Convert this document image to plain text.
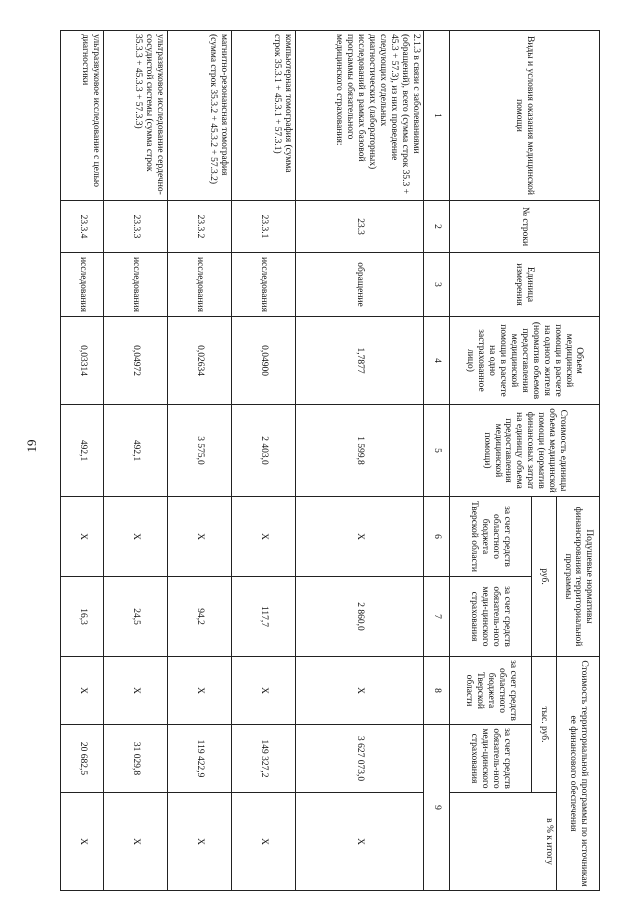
19
Виды и условия оказания медицинской помощи	№ строки	Единица измерения	Объем медицинской помощи в расчете на одного жителя (норматив объемов предоставления медицинской помощи в расчете на одно застрахованное лицо)	Стоимость единицы объема медицинской помощи (норматив финансовых затрат на единицу объема предоставления медицинской помощи)	Подушевые нормативы финансирования территориальной программы		Стоимость территориальной программы по источникам ее финансового обеспечения		
					руб.		тыс. руб.		в % к итогу
					за счет средств областного бюджета Тверской области	за счет средств обязатель-ного меди-цинского страхования	за счет средств областного бюджета Тверской области	за счет средств обязатель-ного меди-цинского страхования	
1	2	3	4	5	6	7	8	9	
2.1.3 в связи с заболеваниями (обращений), всего (сумма строк 35.3 + 45.3 + 57.3), из них проведение следующих отдельных диагностических (лабораторных) исследований в рамках базовой программы обязательного медицинского страхования:	23.3	обращение	1,7877	1 599,8	Х	2 860,0	Х	3 627 073,0	Х
компьютерная томография (сумма строк 35.3.1 + 45.3.1 + 57.3.1)	23.3.1	исследования	0,04900	2 403,0	Х	117,7	Х	149 327,2	Х
магнитно-резонансная томография (сумма строк 35.3.2 + 45.3.2 + 57.3.2)	23.3.2	исследования	0,02634	3 575,0	Х	94,2	Х	119 422,9	Х
ультразвуковое исследование сердечно-сосудистой системы (сумма строк 35.3.3 + 45.3.3 + 57.3.3)	23.3.3	исследования	0,04972	492,1	Х	24,5	Х	31 029,8	Х
ультразвуковое исследование с целью диагностики	23.3.4	исследования	0,03314	492,1	Х	16,3	Х	20 682,5	Х
